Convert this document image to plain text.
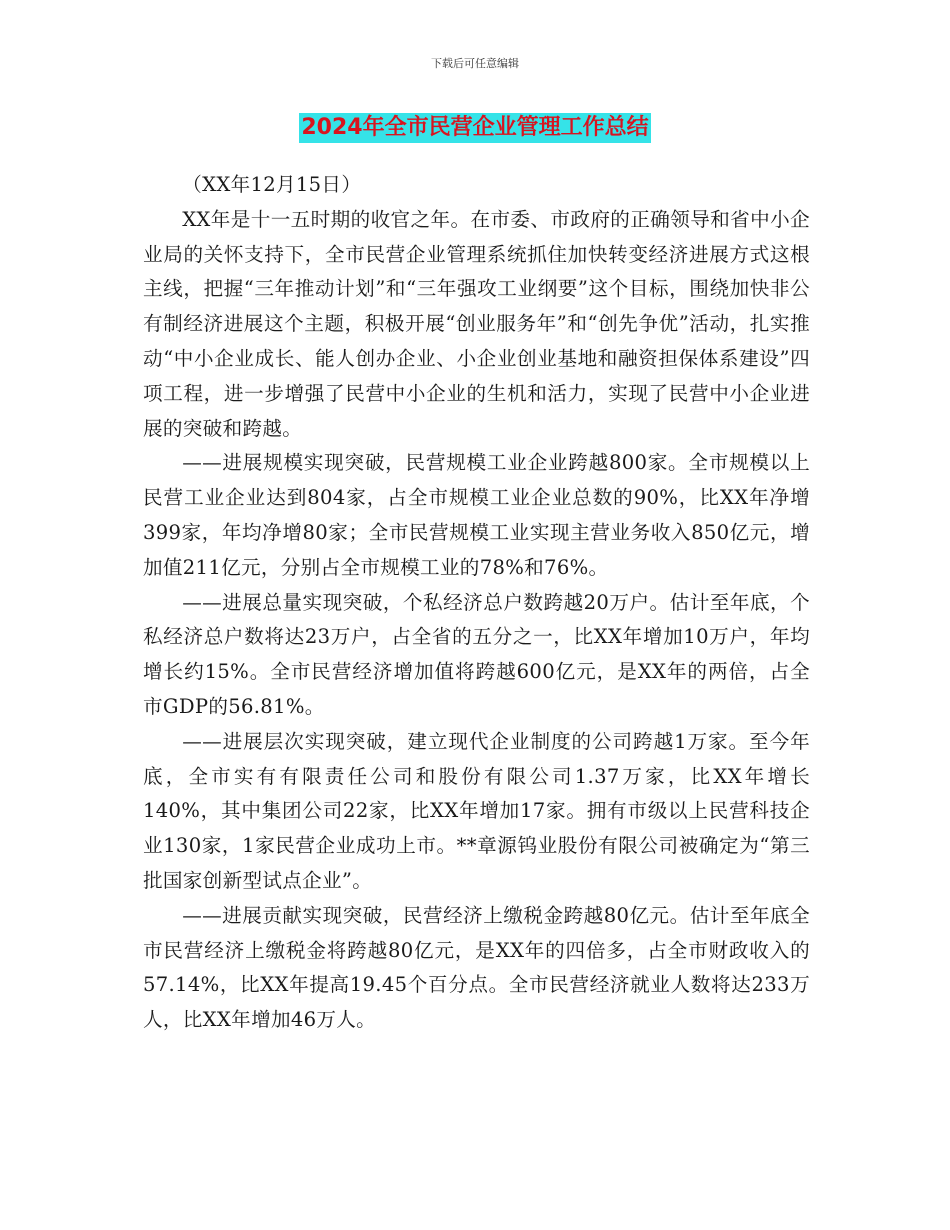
下载后可任意编辑
2024年全市民营企业管理工作总结

（XX年12月15日）

XX年是十一五时期的收官之年。在市委、市政府的正确领导和省中小企业局的关怀支持下，全市民营企业管理系统抓住加快转变经济进展方式这根主线，把握“三年推动计划”和“三年强攻工业纲要”这个目标，围绕加快非公有制经济进展这个主题，积极开展“创业服务年”和“创先争优”活动，扎实推动“中小企业成长、能人创办企业、小企业创业基地和融资担保体系建设”四项工程，进一步增强了民营中小企业的生机和活力，实现了民营中小企业进展的突破和跨越。

——进展规模实现突破，民营规模工业企业跨越800家。全市规模以上民营工业企业达到804家，占全市规模工业企业总数的90%，比XX年净增399家，年均净增80家；全市民营规模工业实现主营业务收入850亿元，增加值211亿元，分别占全市规模工业的78%和76%。

——进展总量实现突破，个私经济总户数跨越20万户。估计至年底，个私经济总户数将达23万户，占全省的五分之一，比XX年增加10万户，年均增长约15%。全市民营经济增加值将跨越600亿元，是XX年的两倍，占全市GDP的56.81%。

——进展层次实现突破，建立现代企业制度的公司跨越1万家。至今年底，全市实有有限责任公司和股份有限公司1.37万家，比XX年增长140%，其中集团公司22家，比XX年增加17家。拥有市级以上民营科技企业130家，1家民营企业成功上市。**章源钨业股份有限公司被确定为“第三批国家创新型试点企业”。

——进展贡献实现突破，民营经济上缴税金跨越80亿元。估计至年底全市民营经济上缴税金将跨越80亿元，是XX年的四倍多，占全市财政收入的57.14%，比XX年提高19.45个百分点。全市民营经济就业人数将达233万人，比XX年增加46万人。
